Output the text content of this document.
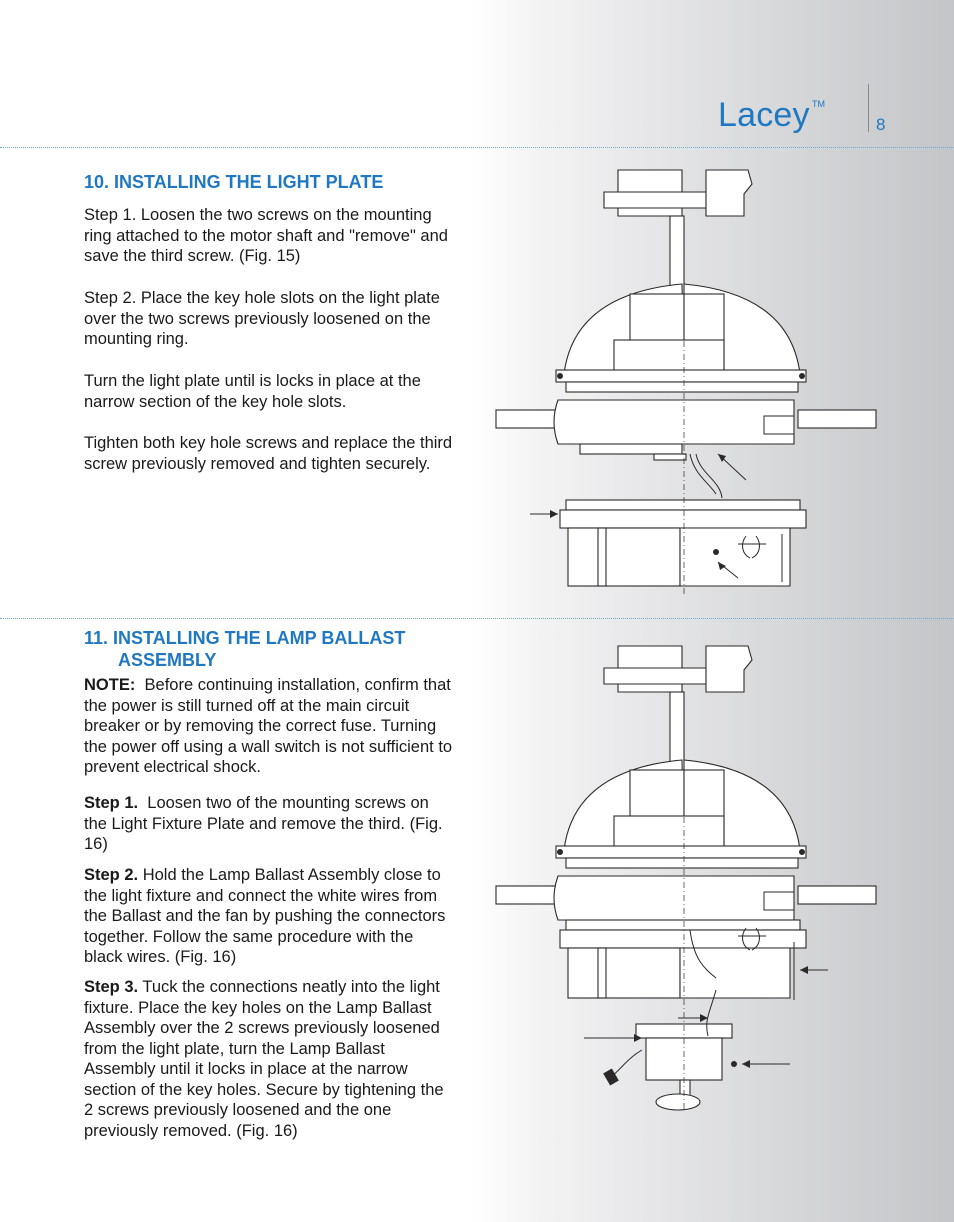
Lacey TM
8
10. INSTALLING THE LIGHT PLATE
Step 1. Loosen the two screws on the mounting ring attached to the motor shaft and "remove" and save the third screw. (Fig. 15)
Step 2. Place the key hole slots on the light plate over the two screws previously loosened on the mounting ring.
Turn the light plate until is locks in place at the narrow section of the key hole slots.
Tighten both key hole screws and replace the third screw previously removed and tighten securely.
11. INSTALLING THE LAMP BALLAST
ASSEMBLY
NOTE: Before continuing installation, confirm that the power is still turned off at the main circuit breaker or by removing the correct fuse. Turning the power off using a wall switch is not sufficient to prevent electrical shock.
Step 1. Loosen two of the mounting screws on the Light Fixture Plate and remove the third. (Fig. 16)
Step 2. Hold the Lamp Ballast Assembly close to the light fixture and connect the white wires from the Ballast and the fan by pushing the connectors together. Follow the same procedure with the black wires. (Fig. 16)
Step 3. Tuck the connections neatly into the light fixture. Place the key holes on the Lamp Ballast Assembly over the 2 screws previously loosened from the light plate, turn the Lamp Ballast Assembly until it locks in place at the narrow section of the key holes. Secure by tightening the 2 screws previously loosened and the one previously removed. (Fig. 16)
